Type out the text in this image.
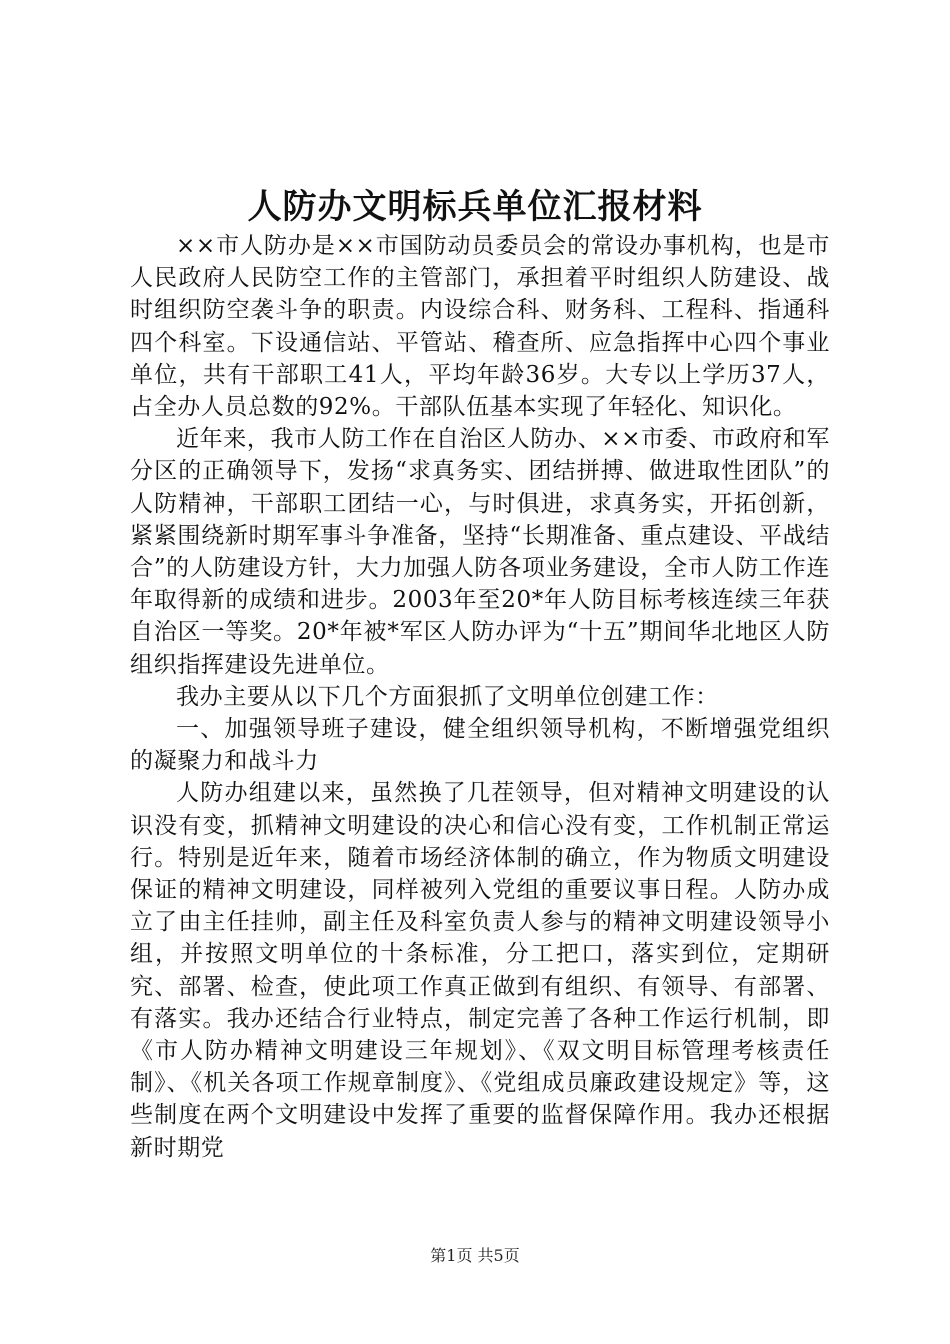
人防办文明标兵单位汇报材料

××市人防办是××市国防动员委员会的常设办事机构，也是市人民政府人民防空工作的主管部门，承担着平时组织人防建设、战时组织防空袭斗争的职责。内设综合科、财务科、工程科、指通科四个科室。下设通信站、平管站、稽查所、应急指挥中心四个事业单位，共有干部职工41人，平均年龄36岁。大专以上学历37人，占全办人员总数的92%。干部队伍基本实现了年轻化、知识化。

近年来，我市人防工作在自治区人防办、××市委、市政府和军分区的正确领导下，发扬“求真务实、团结拼搏、做进取性团队”的人防精神，干部职工团结一心，与时俱进，求真务实，开拓创新，紧紧围绕新时期军事斗争准备，坚持“长期准备、重点建设、平战结合”的人防建设方针，大力加强人防各项业务建设，全市人防工作连年取得新的成绩和进步。2003年至20*年人防目标考核连续三年获自治区一等奖。20*年被*军区人防办评为“十五”期间华北地区人防组织指挥建设先进单位。

我办主要从以下几个方面狠抓了文明单位创建工作：

一、加强领导班子建设，健全组织领导机构，不断增强党组织的凝聚力和战斗力

人防办组建以来，虽然换了几茬领导，但对精神文明建设的认识没有变，抓精神文明建设的决心和信心没有变，工作机制正常运行。特别是近年来，随着市场经济体制的确立，作为物质文明建设保证的精神文明建设，同样被列入党组的重要议事日程。人防办成立了由主任挂帅，副主任及科室负责人参与的精神文明建设领导小组，并按照文明单位的十条标准，分工把口，落实到位，定期研究、部署、检查，使此项工作真正做到有组织、有领导、有部署、有落实。我办还结合行业特点，制定完善了各种工作运行机制，即《市人防办精神文明建设三年规划》、《双文明目标管理考核责任制》、《机关各项工作规章制度》、《党组成员廉政建设规定》等，这些制度在两个文明建设中发挥了重要的监督保障作用。我办还根据新时期党

第1页 共5页
